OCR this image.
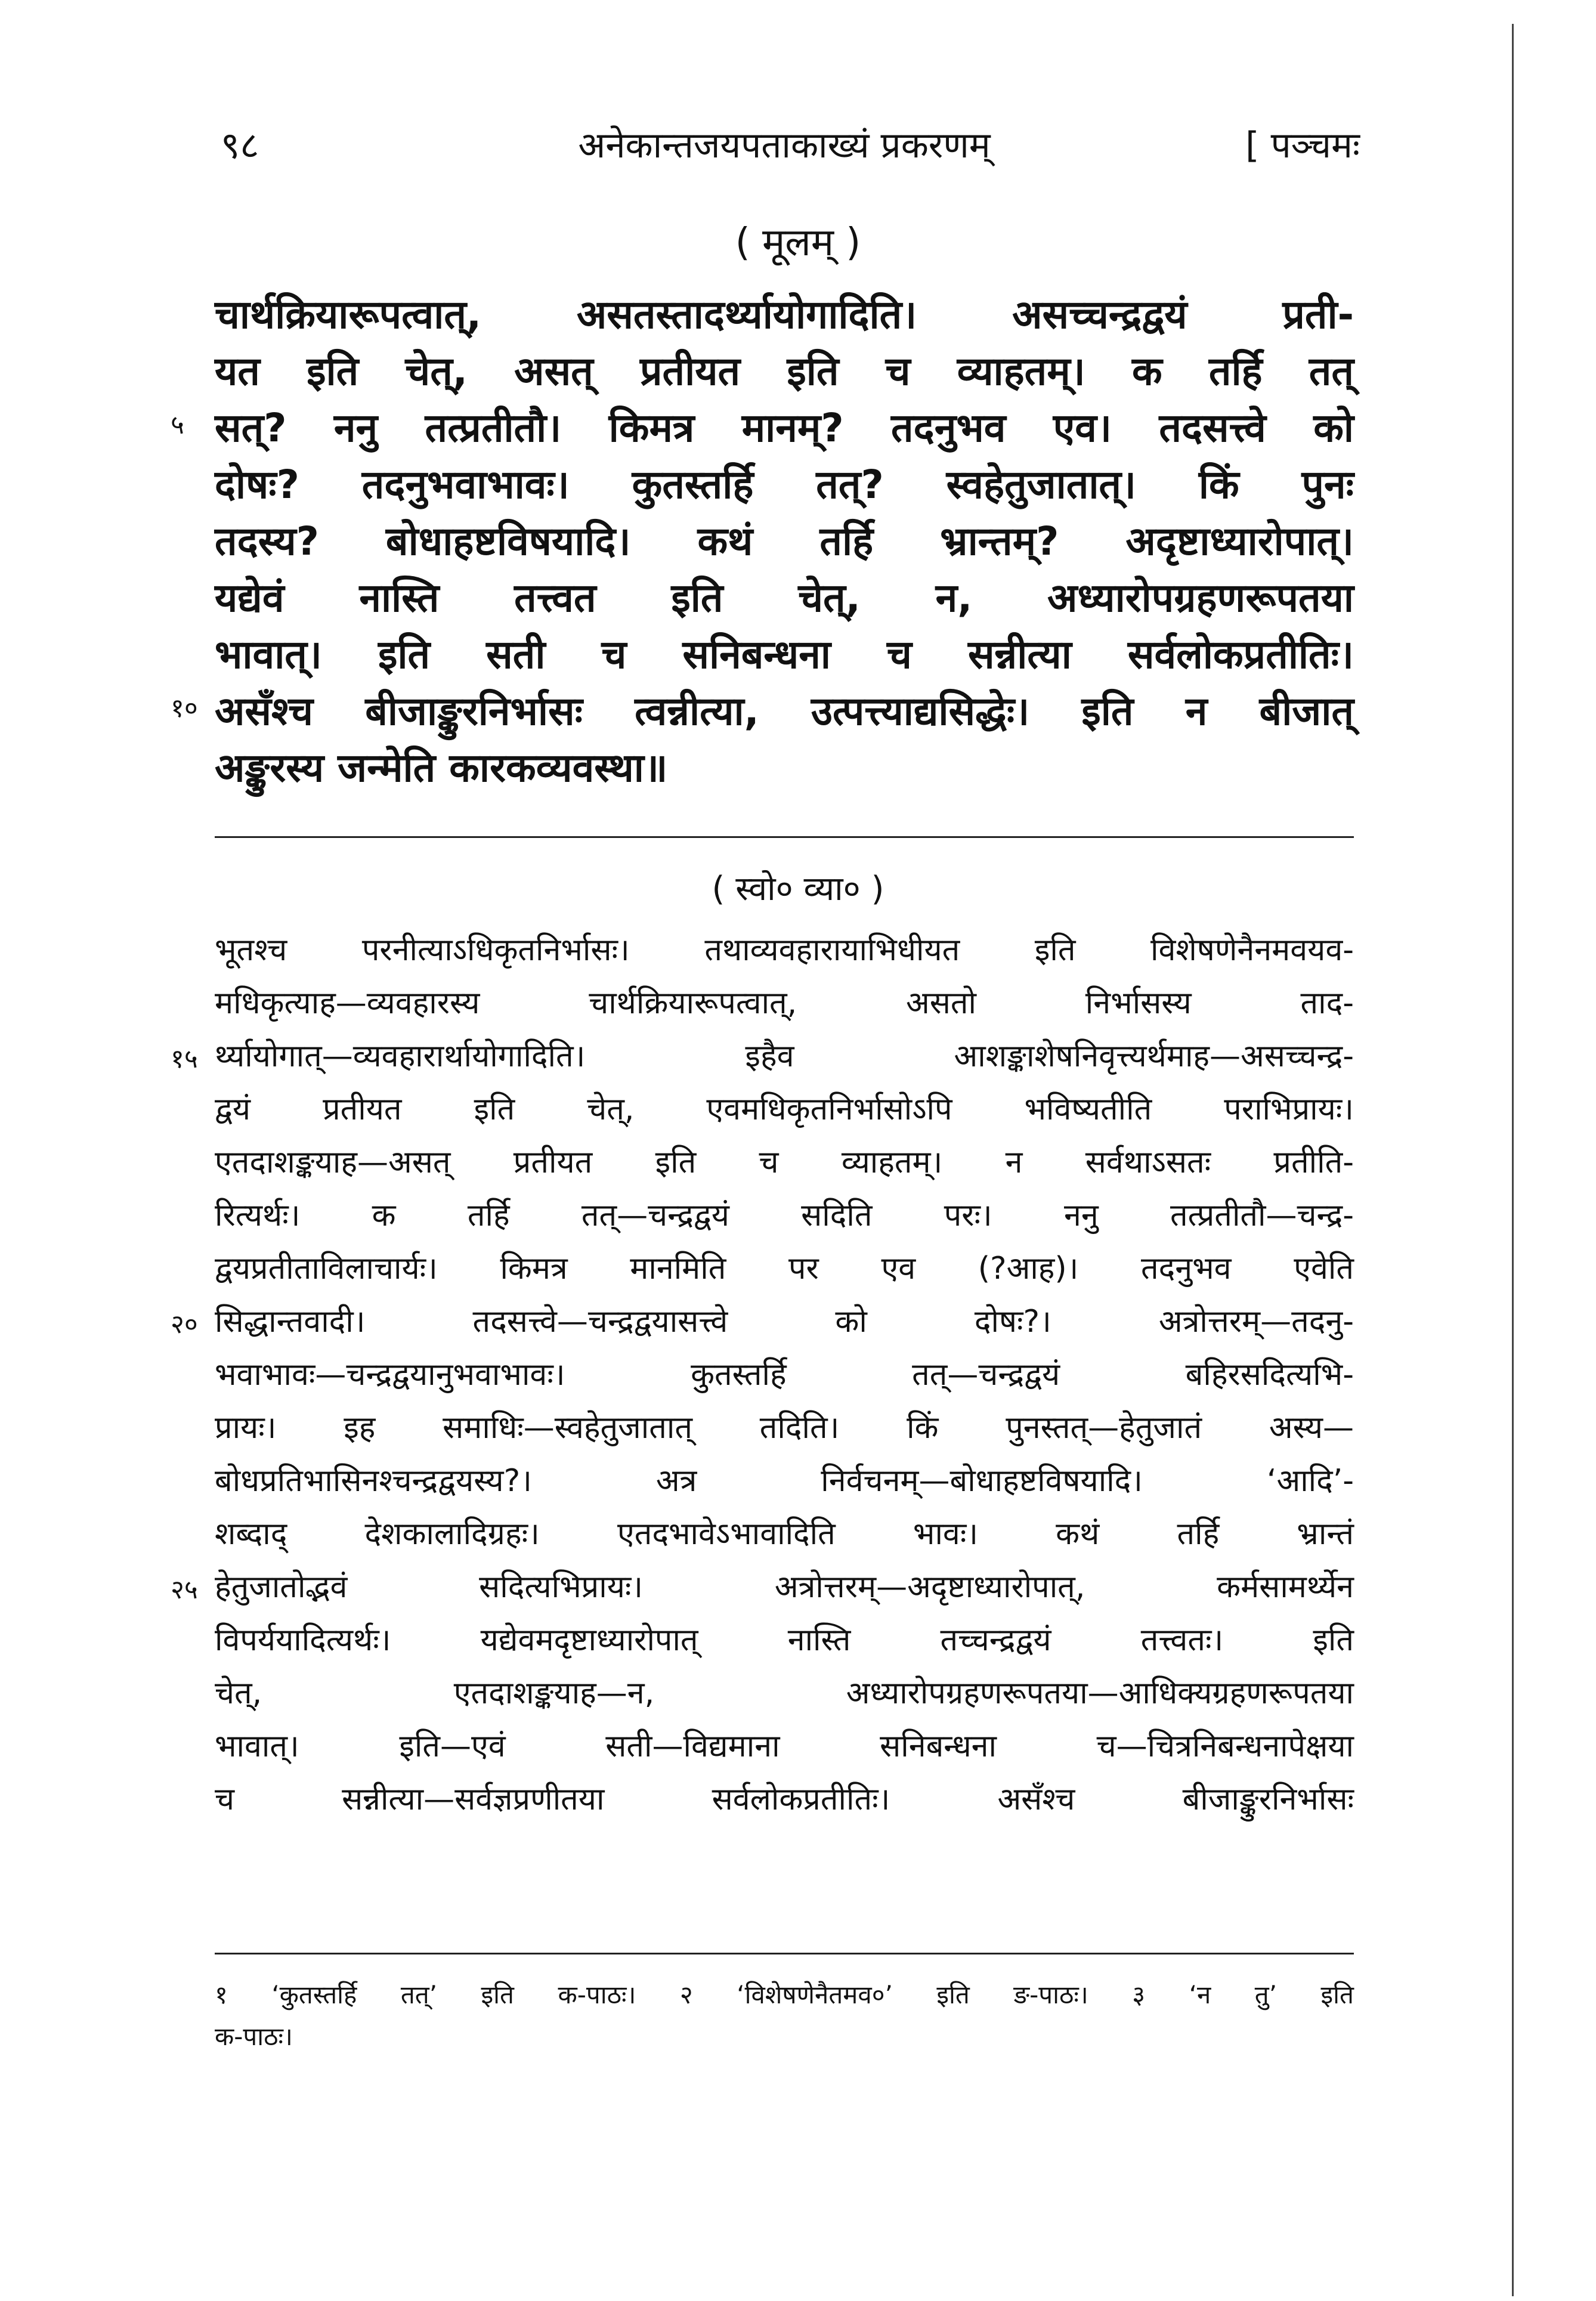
९८	अनेकान्तजयपताकाख्यं प्रकरणम्	[ पञ्चमः
( मूलम् )
चार्थक्रियारूपत्वात्, असतस्तादर्थ्यायोगादिति। असच्चन्द्रद्वयं प्रती-
यत इति चेत्, असत् प्रतीयत इति च व्याहतम्। क तर्हि तत्
५ सत्? ननु तत्प्रतीतौ। किमत्र मानम्? तदनुभव एव। तदसत्त्वे को
दोषः? तदनुभवाभावः। कुतस्तर्हि तत्? स्वहेतुजातात्। किं पुनः
तदस्य? बोधाहष्टविषयादि। कथं तर्हि भ्रान्तम्? अदृष्टाध्यारोपात्।
यद्येवं नास्ति तत्त्वत इति चेत्, न, अध्यारोपग्रहणरूपतया
भावात्। इति सती च सनिबन्धना च सन्नीत्या सर्वलोकप्रतीतिः।
१० असँश्च बीजाङ्कुरनिर्भासः त्वन्नीत्या, उत्पत्त्याद्यसिद्धेः। इति न बीजात्
अङ्कुरस्य जन्मेति कारकव्यवस्था॥
( स्वो० व्या० )
भूतश्च परनीत्याऽधिकृतनिर्भासः। तथाव्यवहारायाभिधीयत इति विशेषणेनैनमवयव-
मधिकृत्याह—व्यवहारस्य चार्थक्रियारूपत्वात्, असतो निर्भासस्य ताद-
१५ र्थ्यायोगात्—व्यवहारार्थायोगादिति। इहैव आशङ्काशेषनिवृत्त्यर्थमाह—असच्चन्द्र-
द्वयं प्रतीयत इति चेत्, एवमधिकृतनिर्भासोऽपि भविष्यतीति पराभिप्रायः।
एतदाशङ्कयाह—असत् प्रतीयत इति च व्याहतम्। न सर्वथाऽसतः प्रतीति-
रित्यर्थः। क तर्हि तत्—चन्द्रद्वयं सदिति परः। ननु तत्प्रतीतौ—चन्द्र-
द्वयप्रतीताविलाचार्यः। किमत्र मानमिति पर एव (?आह)। तदनुभव एवेति
२० सिद्धान्तवादी। तदसत्त्वे—चन्द्रद्वयासत्त्वे को दोषः?। अत्रोत्तरम्—तदनु-
भवाभावः—चन्द्रद्वयानुभवाभावः। कुतस्तर्हि तत्—चन्द्रद्वयं बहिरसदित्यभि-
प्रायः। इह समाधिः—स्वहेतुजातात् तदिति। किं पुनस्तत्—हेतुजातं अस्य—
बोधप्रतिभासिनश्चन्द्रद्वयस्य?। अत्र निर्वचनम्—बोधाहष्टविषयादि। ‘आदि’-
शब्दाद् देशकालादिग्रहः। एतदभावेऽभावादिति भावः। कथं तर्हि भ्रान्तं
२५ हेतुजातोद्भवं सदित्यभिप्रायः। अत्रोत्तरम्—अदृष्टाध्यारोपात्, कर्मसामर्थ्येन
विपर्ययादित्यर्थः। यद्येवमदृष्टाध्यारोपात् नास्ति तच्चन्द्रद्वयं तत्त्वतः। इति
चेत्, एतदाशङ्कयाह—न, अध्यारोपग्रहणरूपतया—आधिक्यग्रहणरूपतया
भावात्। इति—एवं सती—विद्यमाना सनिबन्धना च—चित्रनिबन्धनापेक्षया
च सन्नीत्या—सर्वज्ञप्रणीतया सर्वलोकप्रतीतिः। असँश्च बीजाङ्कुरनिर्भासः
१ ‘कुतस्तर्हि तत्’ इति क-पाठः। २ ‘विशेषणेनैतमव०’ इति ङ-पाठः। ३ ‘न तु’ इति
क-पाठः।
